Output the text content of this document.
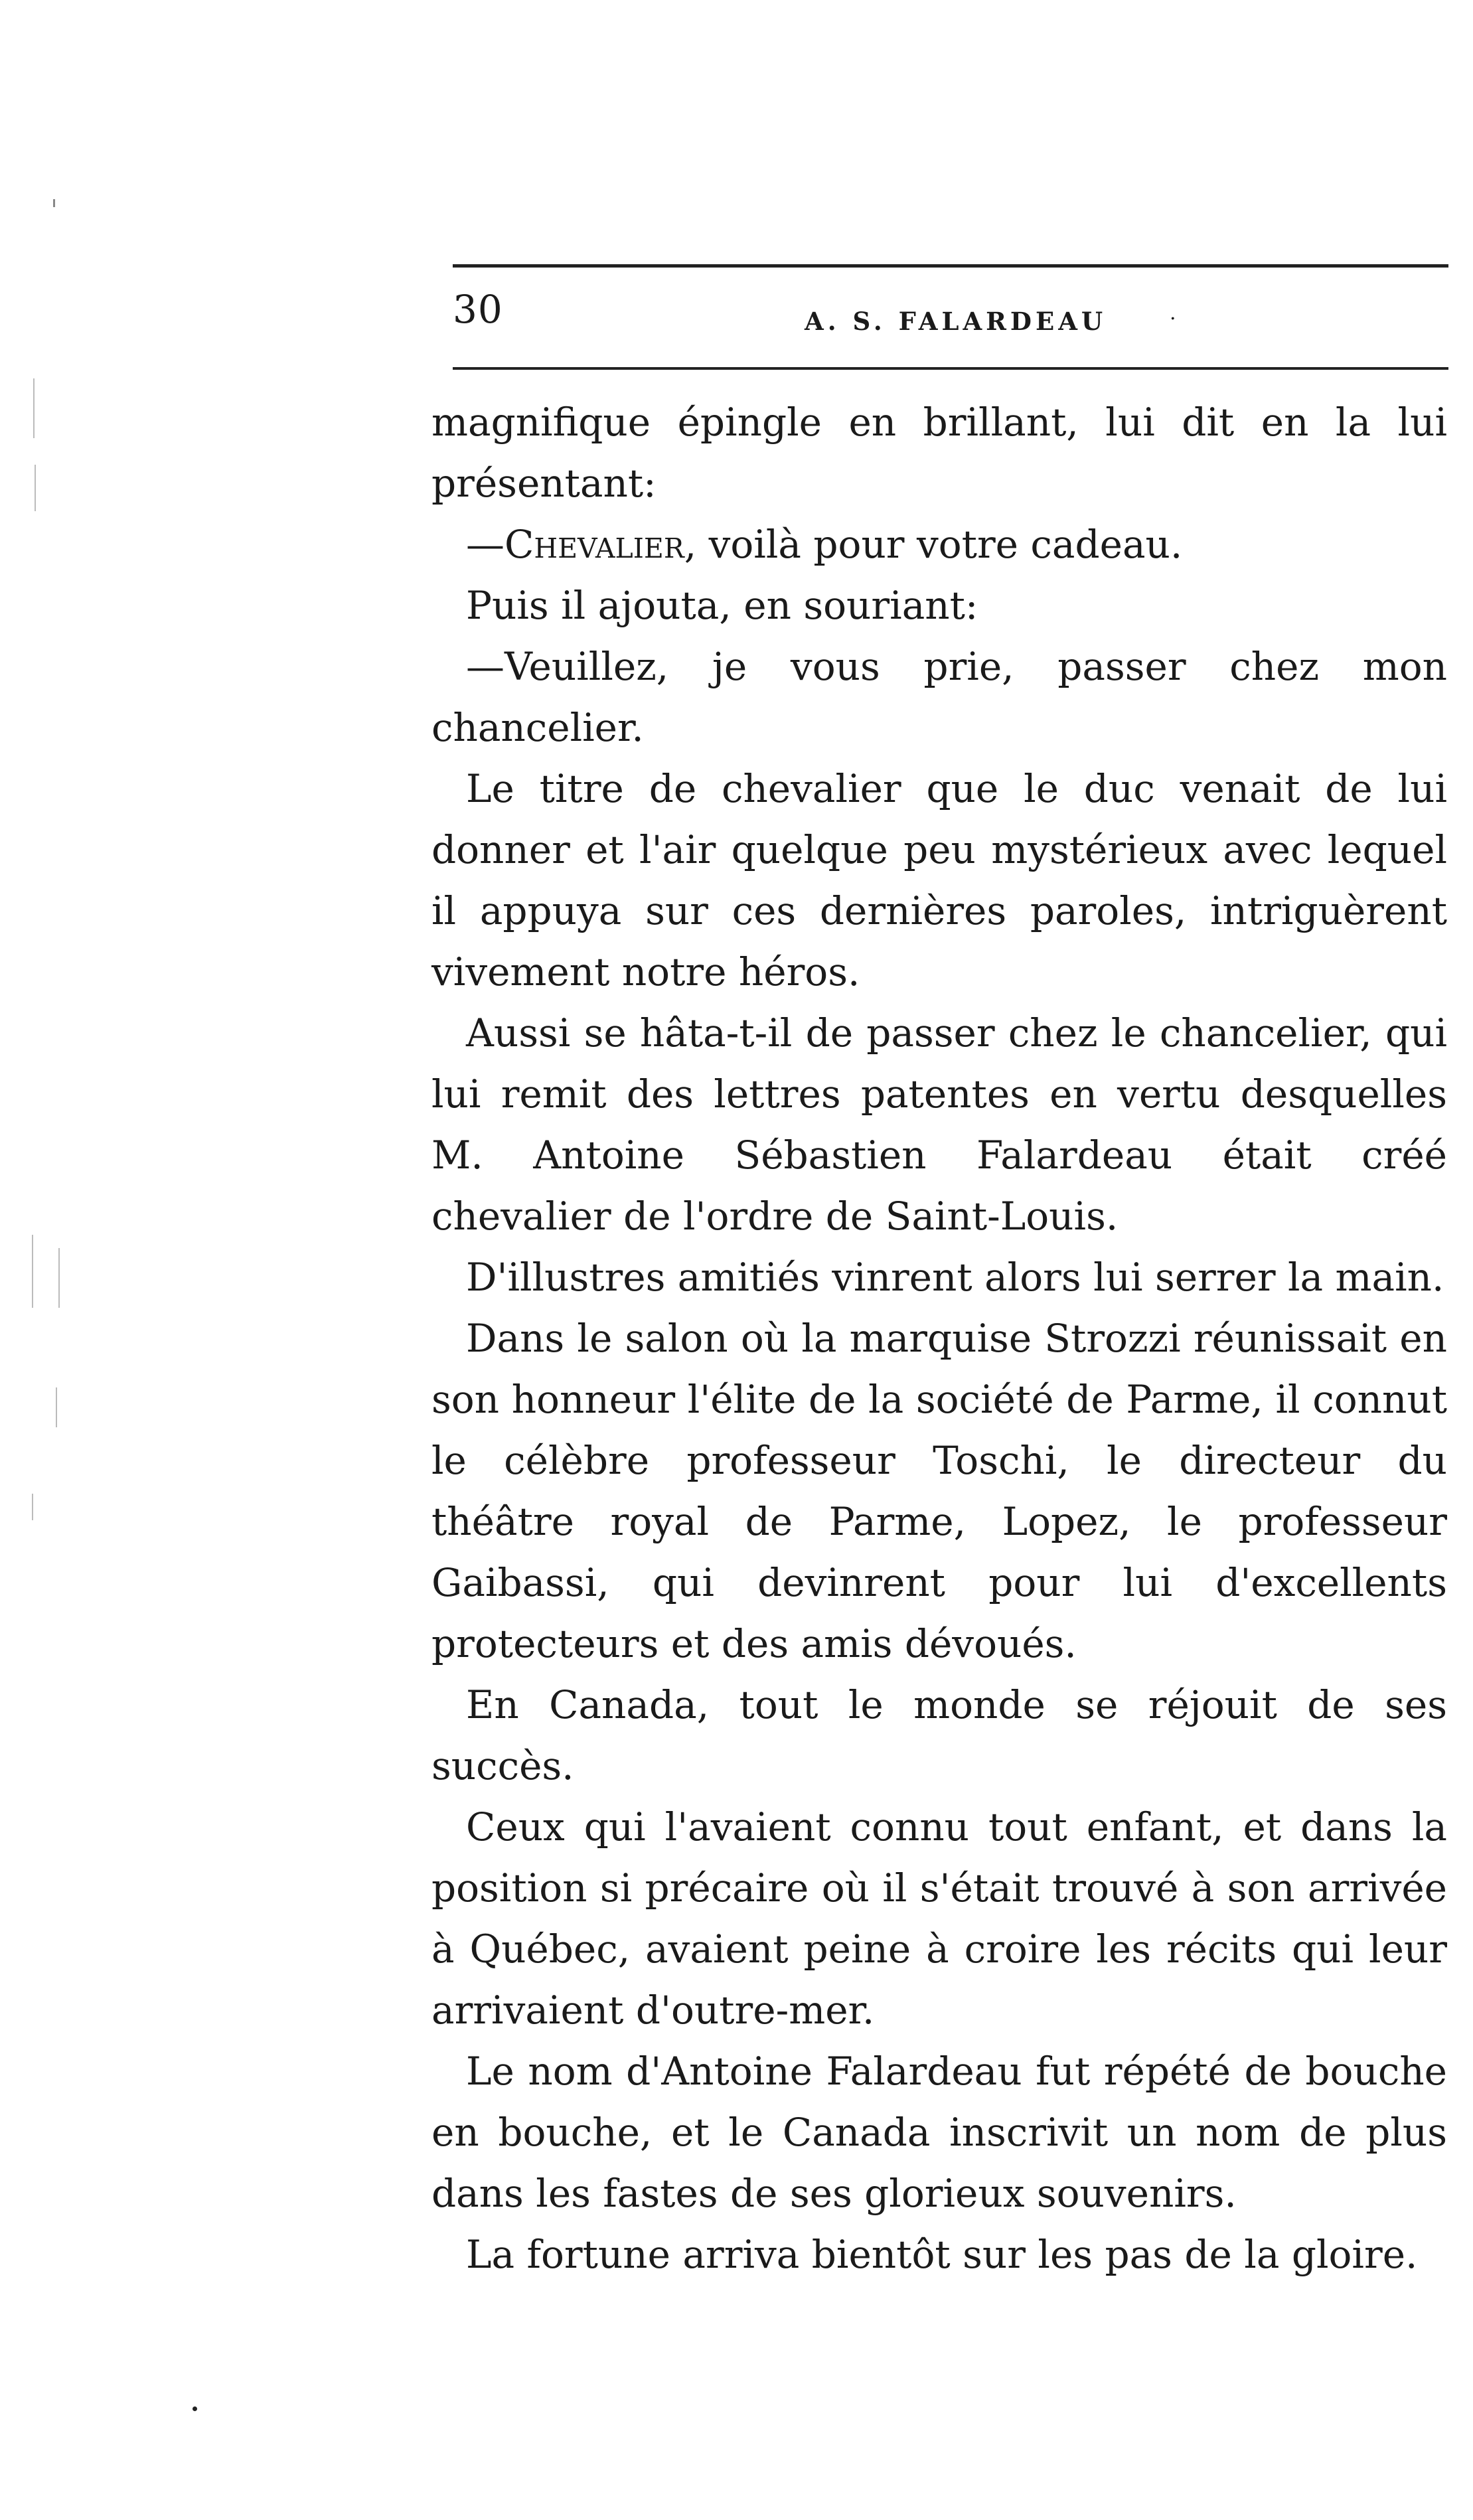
30	A. S. FALARDEAU	.

magnifique épingle en brillant, lui dit en la lui présentant:

—Chevalier, voilà pour votre cadeau.

Puis il ajouta, en souriant:

—Veuillez, je vous prie, passer chez mon chancelier.

Le titre de chevalier que le duc venait de lui donner et l'air quelque peu mystérieux avec lequel il appuya sur ces dernières paroles, intriguèrent vivement notre héros.

Aussi se hâta-t-il de passer chez le chancelier, qui lui remit des lettres patentes en vertu desquelles M. Antoine Sébastien Falardeau était créé chevalier de l'ordre de Saint-Louis.

D'illustres amitiés vinrent alors lui serrer la main.

Dans le salon où la marquise Strozzi réunissait en son honneur l'élite de la société de Parme, il connut le célèbre professeur Toschi, le directeur du théâtre royal de Parme, Lopez, le professeur Gaibassi, qui devinrent pour lui d'excellents protecteurs et des amis dévoués.

En Canada, tout le monde se réjouit de ses succès.

Ceux qui l'avaient connu tout enfant, et dans la position si précaire où il s'était trouvé à son arrivée à Québec, avaient peine à croire les récits qui leur arrivaient d'outre-mer.

Le nom d'Antoine Falardeau fut répété de bouche en bouche, et le Canada inscrivit un nom de plus dans les fastes de ses glorieux souvenirs.

La fortune arriva bientôt sur les pas de la gloire.
